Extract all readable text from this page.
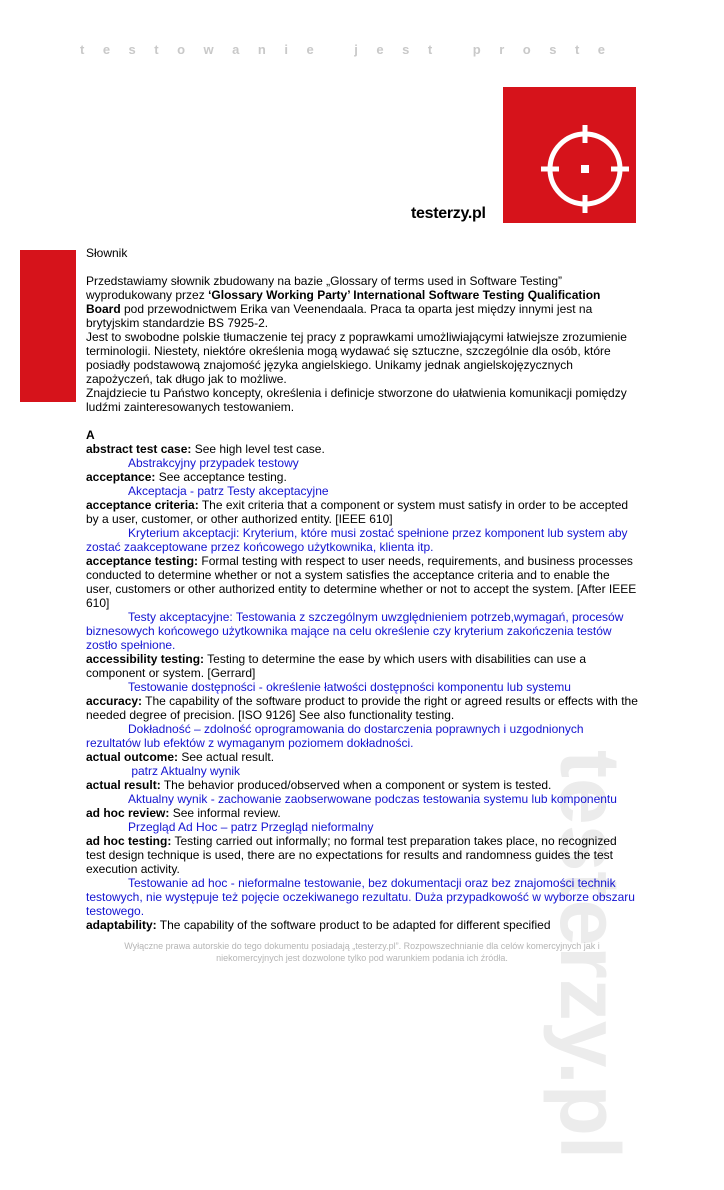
testowanie jest proste
testerzy.pl
testerzy.pl

Słownik

Przedstawiamy słownik zbudowany na bazie „Glossary of terms used in Software Testing” wyprodukowany przez ‘Glossary Working Party’ International Software Testing Qualification Board pod przewodnictwem Erika van Veenendaala. Praca ta oparta jest między innymi jest na brytyjskim standardzie BS 7925-2.

Jest to swobodne polskie tłumaczenie tej pracy z poprawkami umożliwiającymi łatwiejsze zrozumienie terminologii. Niestety, niektóre określenia mogą wydawać się sztuczne, szczególnie dla osób, które posiadły podstawową znajomość języka angielskiego. Unikamy jednak angielskojęzycznych zapożyczeń, tak długo jak to możliwe.

Znajdziecie tu Państwo koncepty, określenia i definicje stworzone do ułatwienia komunikacji pomiędzy ludźmi zainteresowanych testowaniem.

A

abstract test case: See high level test case.

Abstrakcyjny przypadek testowy

acceptance: See acceptance testing.

Akceptacja - patrz Testy akceptacyjne

acceptance criteria: The exit criteria that a component or system must satisfy in order to be accepted by a user, customer, or other authorized entity. [IEEE 610]

Kryterium akceptacji: Kryterium, które musi zostać spełnione przez komponent lub system aby zostać zaakceptowane przez końcowego użytkownika, klienta itp.

acceptance testing: Formal testing with respect to user needs, requirements, and business processes conducted to determine whether or not a system satisfies the acceptance criteria and to enable the user, customers or other authorized entity to determine whether or not to accept the system. [After IEEE 610]

Testy akceptacyjne: Testowania z szczególnym uwzględnieniem potrzeb,wymagań, procesów biznesowych końcowego użytkownika mające na celu określenie czy kryterium zakończenia testów zostło spełnione.

accessibility testing: Testing to determine the ease by which users with disabilities can use a component or system. [Gerrard]

Testowanie dostępności - określenie łatwości dostępności komponentu lub systemu

accuracy: The capability of the software product to provide the right or agreed results or effects with the needed degree of precision. [ISO 9126] See also functionality testing.

Dokładność – zdolność oprogramowania do dostarczenia poprawnych i uzgodnionych rezultatów lub efektów z wymaganym poziomem dokładności.

actual outcome: See actual result.

patrz Aktualny wynik

actual result: The behavior produced/observed when a component or system is tested.

Aktualny wynik - zachowanie zaobserwowane podczas testowania systemu lub komponentu

ad hoc review: See informal review.

Przegląd Ad Hoc – patrz Przegląd nieformalny

ad hoc testing: Testing carried out informally; no formal test preparation takes place, no recognized test design technique is used, there are no expectations for results and randomness guides the test execution activity.

Testowanie ad hoc - nieformalne testowanie, bez dokumentacji oraz bez znajomości technik testowych, nie występuje też pojęcie oczekiwanego rezultatu. Duża przypadkowość w wyborze obszaru testowego.

adaptability: The capability of the software product to be adapted for different specified

Wyłączne prawa autorskie do tego dokumentu posiadają „testerzy.pl”. Rozpowszechnianie dla celów komercyjnych jak i
niekomercyjnych jest dozwolone tylko pod warunkiem podania ich źródła.
